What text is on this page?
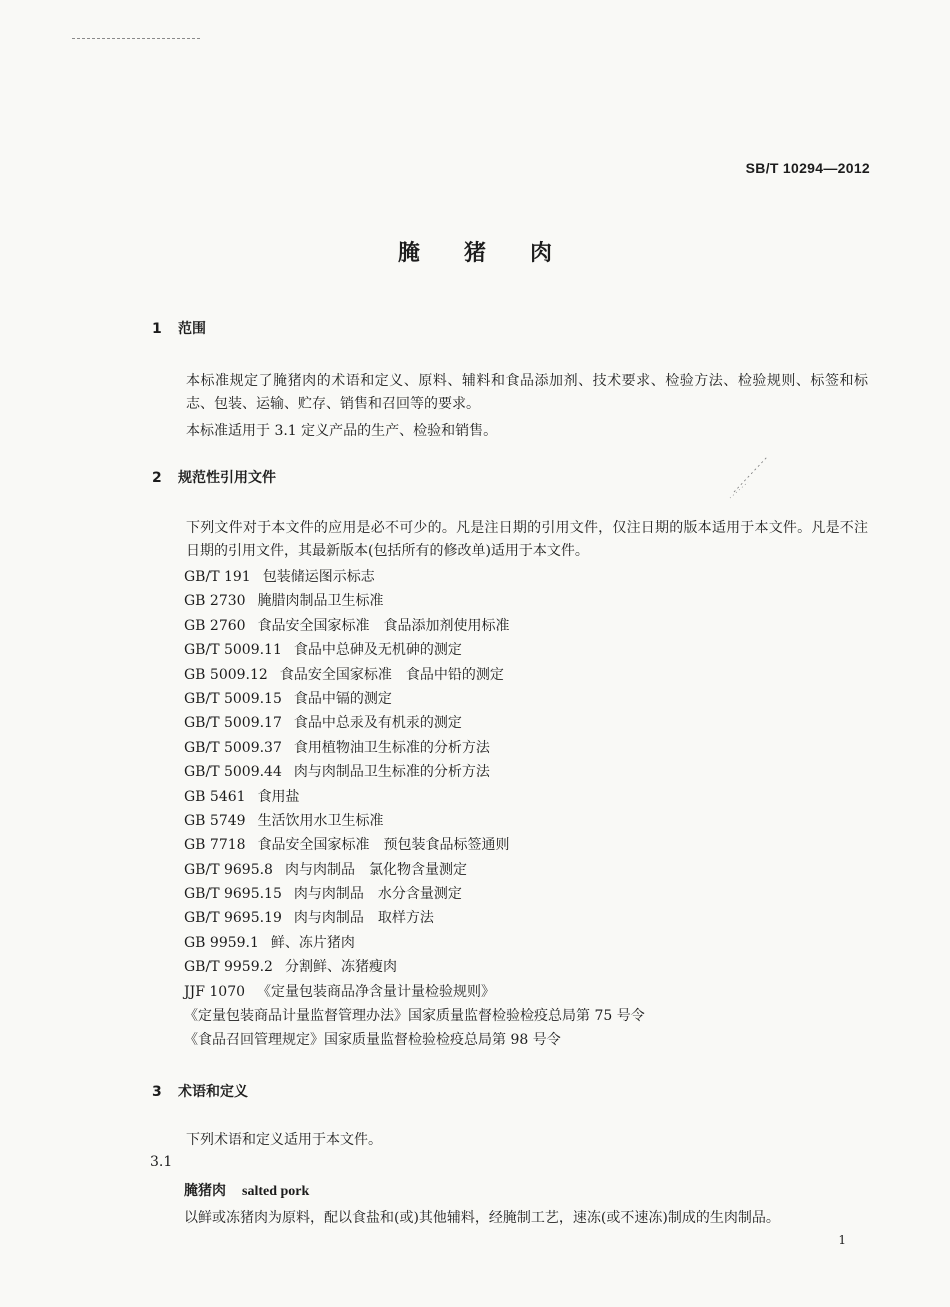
SB/T 10294—2012
腌猪肉
1 范围
本标准规定了腌猪肉的术语和定义、原料、辅料和食品添加剂、技术要求、检验方法、检验规则、标签和标志、包装、运输、贮存、销售和召回等的要求。
本标准适用于 3.1 定义产品的生产、检验和销售。
2 规范性引用文件
下列文件对于本文件的应用是必不可少的。凡是注日期的引用文件，仅注日期的版本适用于本文件。凡是不注日期的引用文件，其最新版本(包括所有的修改单)适用于本文件。
GB/T 191 包装储运图示标志
GB 2730 腌腊肉制品卫生标准
GB 2760 食品安全国家标准　食品添加剂使用标准
GB/T 5009.11 食品中总砷及无机砷的测定
GB 5009.12 食品安全国家标准　食品中铅的测定
GB/T 5009.15 食品中镉的测定
GB/T 5009.17 食品中总汞及有机汞的测定
GB/T 5009.37 食用植物油卫生标准的分析方法
GB/T 5009.44 肉与肉制品卫生标准的分析方法
GB 5461 食用盐
GB 5749 生活饮用水卫生标准
GB 7718 食品安全国家标准　预包装食品标签通则
GB/T 9695.8 肉与肉制品　氯化物含量测定
GB/T 9695.15 肉与肉制品　水分含量测定
GB/T 9695.19 肉与肉制品　取样方法
GB 9959.1 鲜、冻片猪肉
GB/T 9959.2 分割鲜、冻猪瘦肉
JJF 1070 《定量包装商品净含量计量检验规则》
《定量包装商品计量监督管理办法》国家质量监督检验检疫总局第 75 号令
《食品召回管理规定》国家质量监督检验检疫总局第 98 号令
3 术语和定义
下列术语和定义适用于本文件。
3.1
腌猪肉 salted pork
以鲜或冻猪肉为原料，配以食盐和(或)其他辅料，经腌制工艺，速冻(或不速冻)制成的生肉制品。
1
